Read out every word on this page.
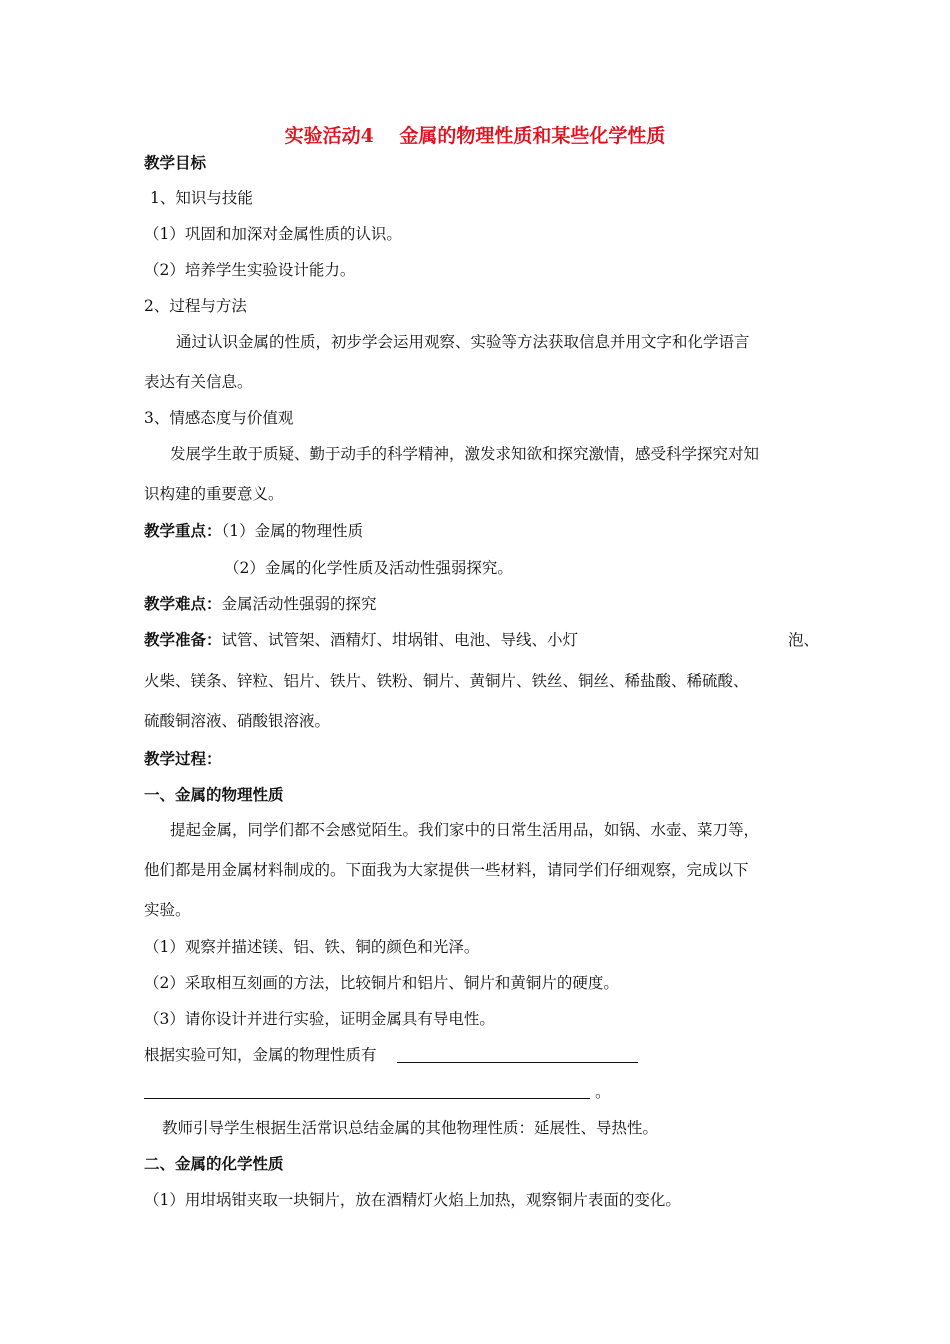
实验活动4　 金属的物理性质和某些化学性质
教学目标
1、知识与技能
（1）巩固和加深对金属性质的认识。
（2）培养学生实验设计能力。
2、过程与方法
通过认识金属的性质，初步学会运用观察、实验等方法获取信息并用文字和化学语言
表达有关信息。
3、情感态度与价值观
发展学生敢于质疑、勤于动手的科学精神，激发求知欲和探究激情，感受科学探究对知
识构建的重要意义。
教学重点：（1）金属的物理性质
（2）金属的化学性质及活动性强弱探究。
教学难点：金属活动性强弱的探究
教学准备：试管、试管架、酒精灯、坩埚钳、电池、导线、小灯	泡、
火柴、镁条、锌粒、铝片、铁片、铁粉、铜片、黄铜片、铁丝、铜丝、稀盐酸、稀硫酸、
硫酸铜溶液、硝酸银溶液。
教学过程：
一、金属的物理性质
提起金属，同学们都不会感觉陌生。我们家中的日常生活用品，如锅、水壶、菜刀等，
他们都是用金属材料制成的。下面我为大家提供一些材料，请同学们仔细观察，完成以下
实验。
（1）观察并描述镁、铝、铁、铜的颜色和光泽。
（2）采取相互刻画的方法，比较铜片和铝片、铜片和黄铜片的硬度。
（3）请你设计并进行实验，证明金属具有导电性。
根据实验可知，金属的物理性质有
。
教师引导学生根据生活常识总结金属的其他物理性质：延展性、导热性。
二、金属的化学性质
（1）用坩埚钳夹取一块铜片，放在酒精灯火焰上加热，观察铜片表面的变化。
